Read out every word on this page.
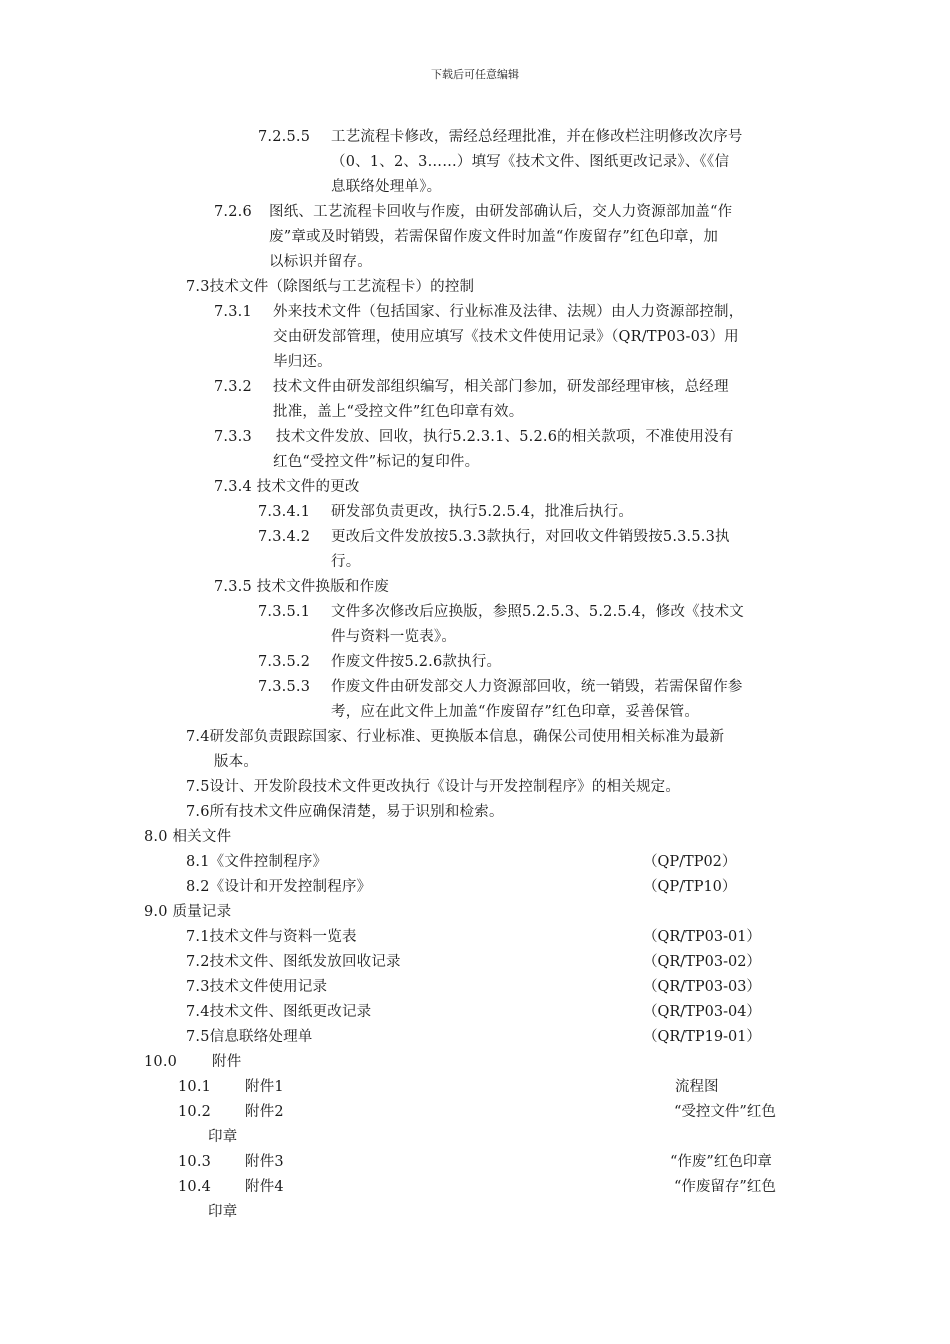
下载后可任意编辑
7.2.5.5 工艺流程卡修改，需经总经理批准，并在修改栏注明修改次序号
（0、1、2、3……）填写《技术文件、图纸更改记录》、《《信
息联络处理单》。
7.2.6 图纸、工艺流程卡回收与作废，由研发部确认后，交人力资源部加盖“作
废”章或及时销毁，若需保留作废文件时加盖“作废留存”红色印章，加
以标识并留存。
7.3技术文件（除图纸与工艺流程卡）的控制
7.3.1 外来技术文件（包括国家、行业标准及法律、法规）由人力资源部控制，
交由研发部管理，使用应填写《技术文件使用记录》（QR/TP03-03）用
毕归还。
7.3.2 技术文件由研发部组织编写，相关部门参加，研发部经理审核，总经理
批准，盖上“受控文件”红色印章有效。
7.3.3 技术文件发放、回收，执行5.2.3.1、5.2.6的相关款项，不准使用没有
红色“受控文件”标记的复印件。
7.3.4 技术文件的更改
7.3.4.1 研发部负责更改，执行5.2.5.4，批准后执行。
7.3.4.2 更改后文件发放按5.3.3款执行，对回收文件销毁按5.3.5.3执
行。
7.3.5 技术文件换版和作废
7.3.5.1 文件多次修改后应换版，参照5.2.5.3、5.2.5.4，修改《技术文
件与资料一览表》。
7.3.5.2 作废文件按5.2.6款执行。
7.3.5.3 作废文件由研发部交人力资源部回收，统一销毁，若需保留作参
考，应在此文件上加盖“作废留存”红色印章，妥善保管。
7.4研发部负责跟踪国家、行业标准、更换版本信息，确保公司使用相关标准为最新
版本。
7.5设计、开发阶段技术文件更改执行《设计与开发控制程序》的相关规定。
7.6所有技术文件应确保清楚，易于识别和检索。
8.0 相关文件
8.1《文件控制程序》	（QP/TP02）
8.2《设计和开发控制程序》	（QP/TP10）
9.0 质量记录
7.1技术文件与资料一览表	（QR/TP03-01）
7.2技术文件、图纸发放回收记录	（QR/TP03-02）
7.3技术文件使用记录	（QR/TP03-03）
7.4技术文件、图纸更改记录	（QR/TP03-04）
7.5信息联络处理单	（QR/TP19-01）
10.0 附件
10.1 附件1	流程图
10.2 附件2	“受控文件”红色
印章
10.3 附件3	“作废”红色印章
10.4 附件4	“作废留存”红色
印章
